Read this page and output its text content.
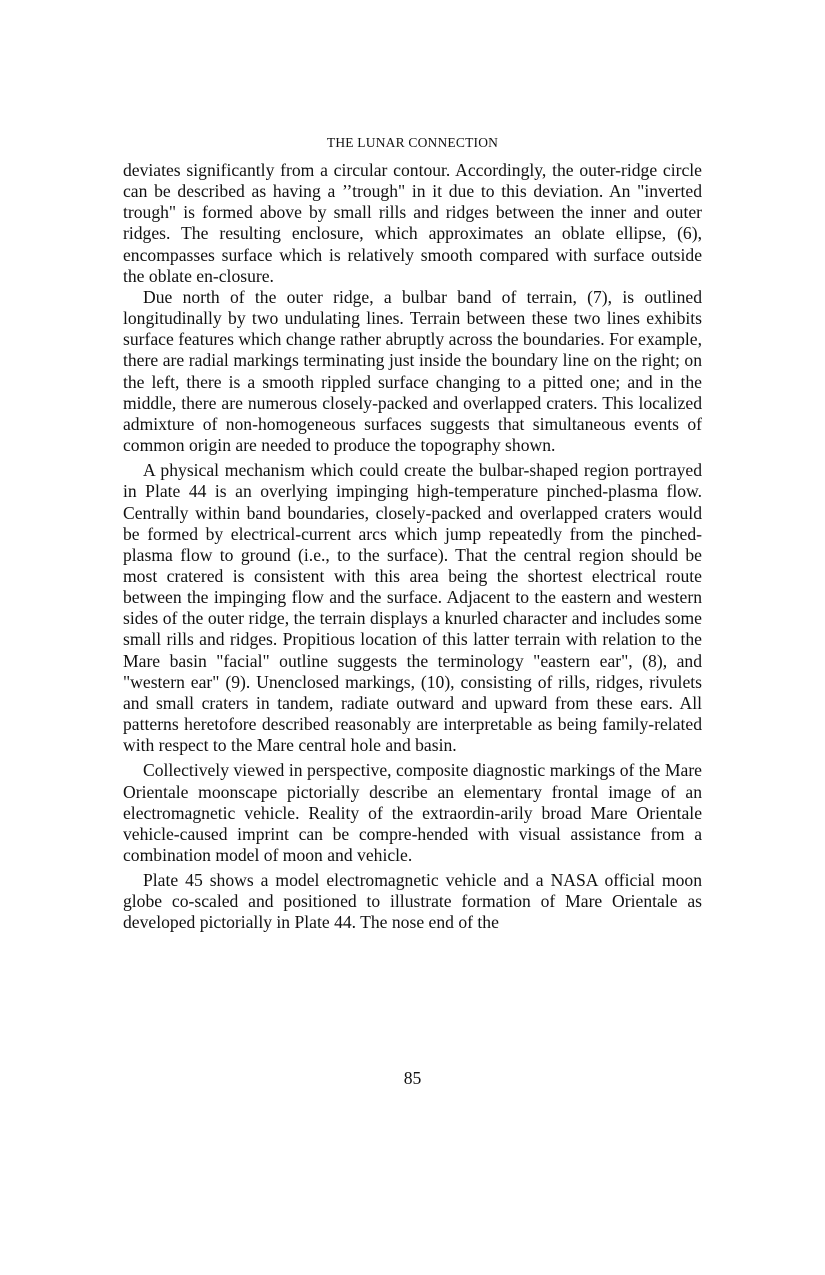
THE LUNAR CONNECTION

deviates significantly from a circular contour. Accordingly, the outer-ridge circle can be described as having a ’’trough" in it due to this deviation. An "inverted trough" is formed above by small rills and ridges between the inner and outer ridges. The resulting enclosure, which approximates an oblate ellipse, (6), encompasses surface which is relatively smooth compared with surface outside the oblate en-closure.

Due north of the outer ridge, a bulbar band of terrain, (7), is outlined longitudinally by two undulating lines. Terrain between these two lines exhibits surface features which change rather abruptly across the boundaries. For example, there are radial markings terminating just inside the boundary line on the right; on the left, there is a smooth rippled surface changing to a pitted one; and in the middle, there are numerous closely-packed and overlapped craters. This localized admixture of non-homogeneous surfaces suggests that simultaneous events of common origin are needed to produce the topography shown.

A physical mechanism which could create the bulbar-shaped region portrayed in Plate 44 is an overlying impinging high-temperature pinched-plasma flow. Centrally within band boundaries, closely-packed and overlapped craters would be formed by electrical-current arcs which jump repeatedly from the pinched-plasma flow to ground (i.e., to the surface). That the central region should be most cratered is consistent with this area being the shortest electrical route between the impinging flow and the surface. Adjacent to the eastern and western sides of the outer ridge, the terrain displays a knurled character and includes some small rills and ridges. Propitious location of this latter terrain with relation to the Mare basin "facial" outline suggests the terminology "eastern ear", (8), and "western ear" (9). Unenclosed markings, (10), consisting of rills, ridges, rivulets and small craters in tandem, radiate outward and upward from these ears. All patterns heretofore described reasonably are interpretable as being family-related with respect to the Mare central hole and basin.

Collectively viewed in perspective, composite diagnostic markings of the Mare Orientale moonscape pictorially describe an elementary frontal image of an electromagnetic vehicle. Reality of the extraordin-arily broad Mare Orientale vehicle-caused imprint can be compre-hended with visual assistance from a combination model of moon and vehicle.

Plate 45 shows a model electromagnetic vehicle and a NASA official moon globe co-scaled and positioned to illustrate formation of Mare Orientale as developed pictorially in Plate 44. The nose end of the

85
